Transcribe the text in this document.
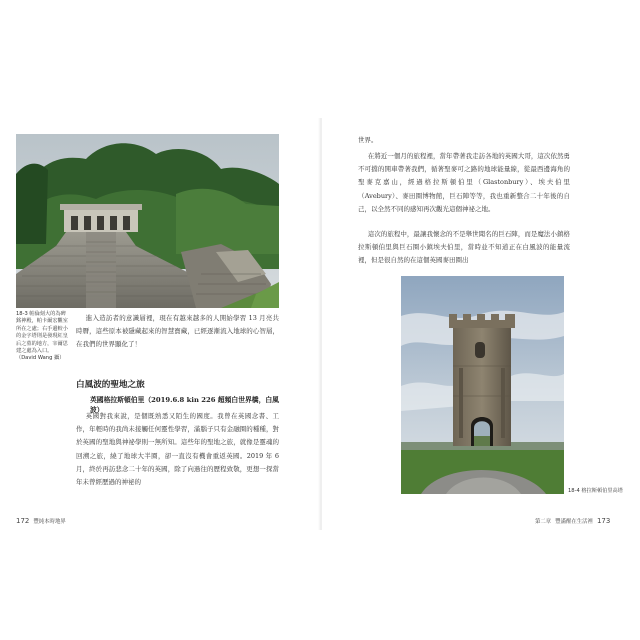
18-3 帕倫刻大的為碑銘神殿，帕卡爾宏觀室所在之處；右手邊較小的金字塔則是發現紅皇后之墓的地方，宰爾思建之處為入口。（David Wang 攝）

進入造訪者的意識層裡，現在有越來越多的人開始學習 13 月亮共時曆，這些原本被隱藏起來的智慧寶藏，已經逐漸流入地球的心智層，在我們的世界顯化了！

白風波的聖地之旅
英國格拉斯頓伯里（2019.6.8 kin 226 超頻白世界橋，白風波）

英國對我來說，是個既熟悉又陌生的國度。我曾在英國念書、工作，年輕時的我尚未接觸任何靈性學習，滿腦子只有金融圈的種種，對於英國的聖地與神祕學則一無所知。這些年的聖地之旅，就像是靈魂的回溯之旅，繞了地球大半圈，卻一直沒有機會重返英國。2019 年 6 月，終於再訪悲念二十年的英國，除了向過往的歷程致敬，更想一探當年未曾經歷過的神祕的

172 豐純本時地界

世界。

在將近一個月的旅程裡，當年帶著我走訪各地的英國大哥，這次依然勇不可擋的開車帶著我們，循著聖麥可之路的地球能量線，從最西邊海角的聖麥克嘉山，經過格拉斯頓伯里（Glastonbury）、埃夫伯里（Avebury）、麥田圈博物館，巨石陣等等，我也重新整合二十年後的自己，以全然不同的感知再次觀光這個神祕之地。

這次的旅程中，最讓我懷念的不是舉世聞名的巨石陣，而是魔法小鎮格拉斯頓伯里與巨石圈小鎮埃夫伯里，當時並不知道正在白風波的能量流裡，但是很自然的在這個英國麥田圈出

18-4 格拉斯頓伯里高塔

第二章 豐滿醒在生活裡 173
